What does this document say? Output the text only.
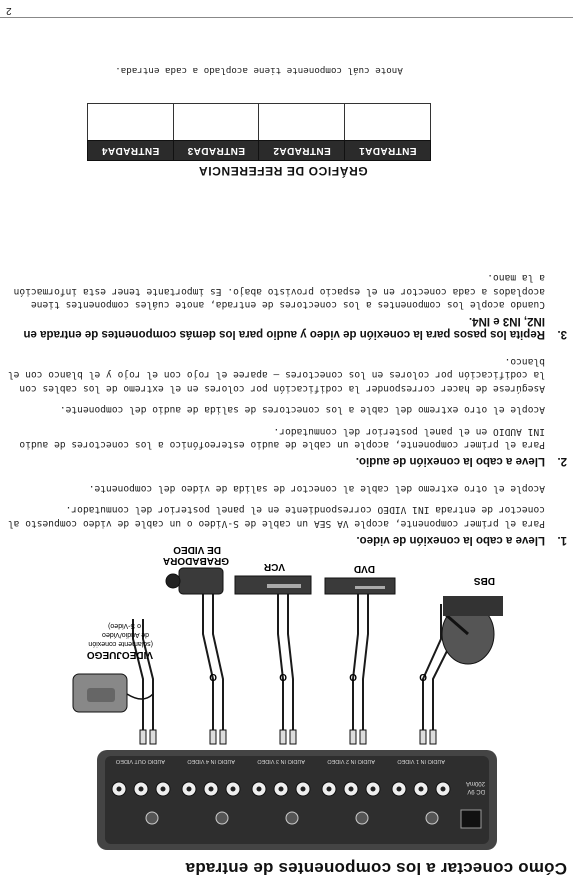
Cómo conectar a los componentes de entrada
DC 9V
200mA
AUDIO IN 1 VIDEO
AUDIO IN 2 VIDEO
AUDIO IN 3 VIDEO
AUDIO IN 4 VIDEO
AUDIO OUT VIDEO
O
O
O
O
DBS
DVD
VCR
GRABADORA
DE VIDEO
VIDEOJUEGO
(solamente conexión
de Audio/Video
o S-Video)
1.
Lleve a cabo la conexión de video.

Para el primer componente, acople VA SEA un cable de S-Video o un cable de video compuesto al conector de entrada IN1 VIDEO correspondiente en el panel posterior del conmutador.

Acople el otro extremo del cable al conector de salida de video del componente.

2.
Lleve a cabo la conexión de audio.

Para el primer componente, acople un cable de audio estereofónico a los conectores de audio IN1 AUDIO en el panel posterior del conmutador.

Acople el otro extremo del cable a los conectores de salida de audio del componente.

Asegúrese de hacer corresponder la codificación por colores en el extremo de los cables con la codificación por colores en los conectores – aparee el rojo con el rojo y el blanco con el blanco.

3.
Repita los pasos para la conexión de video y audio para los demás componentes de entrada en IN2, IN3 e IN4.

Cuando acople los componentes a los conectores de entrada, anote cuáles componentes tiene acoplados a cada conector en el espacio provisto abajo. Es importante tener esta información a la mano.

GRÁFICO DE REFERENCIA
ENTRADA1	ENTRADA2	ENTRADA3	ENTRADA4

Anote cuál componente tiene acoplado a cada entrada.
2
